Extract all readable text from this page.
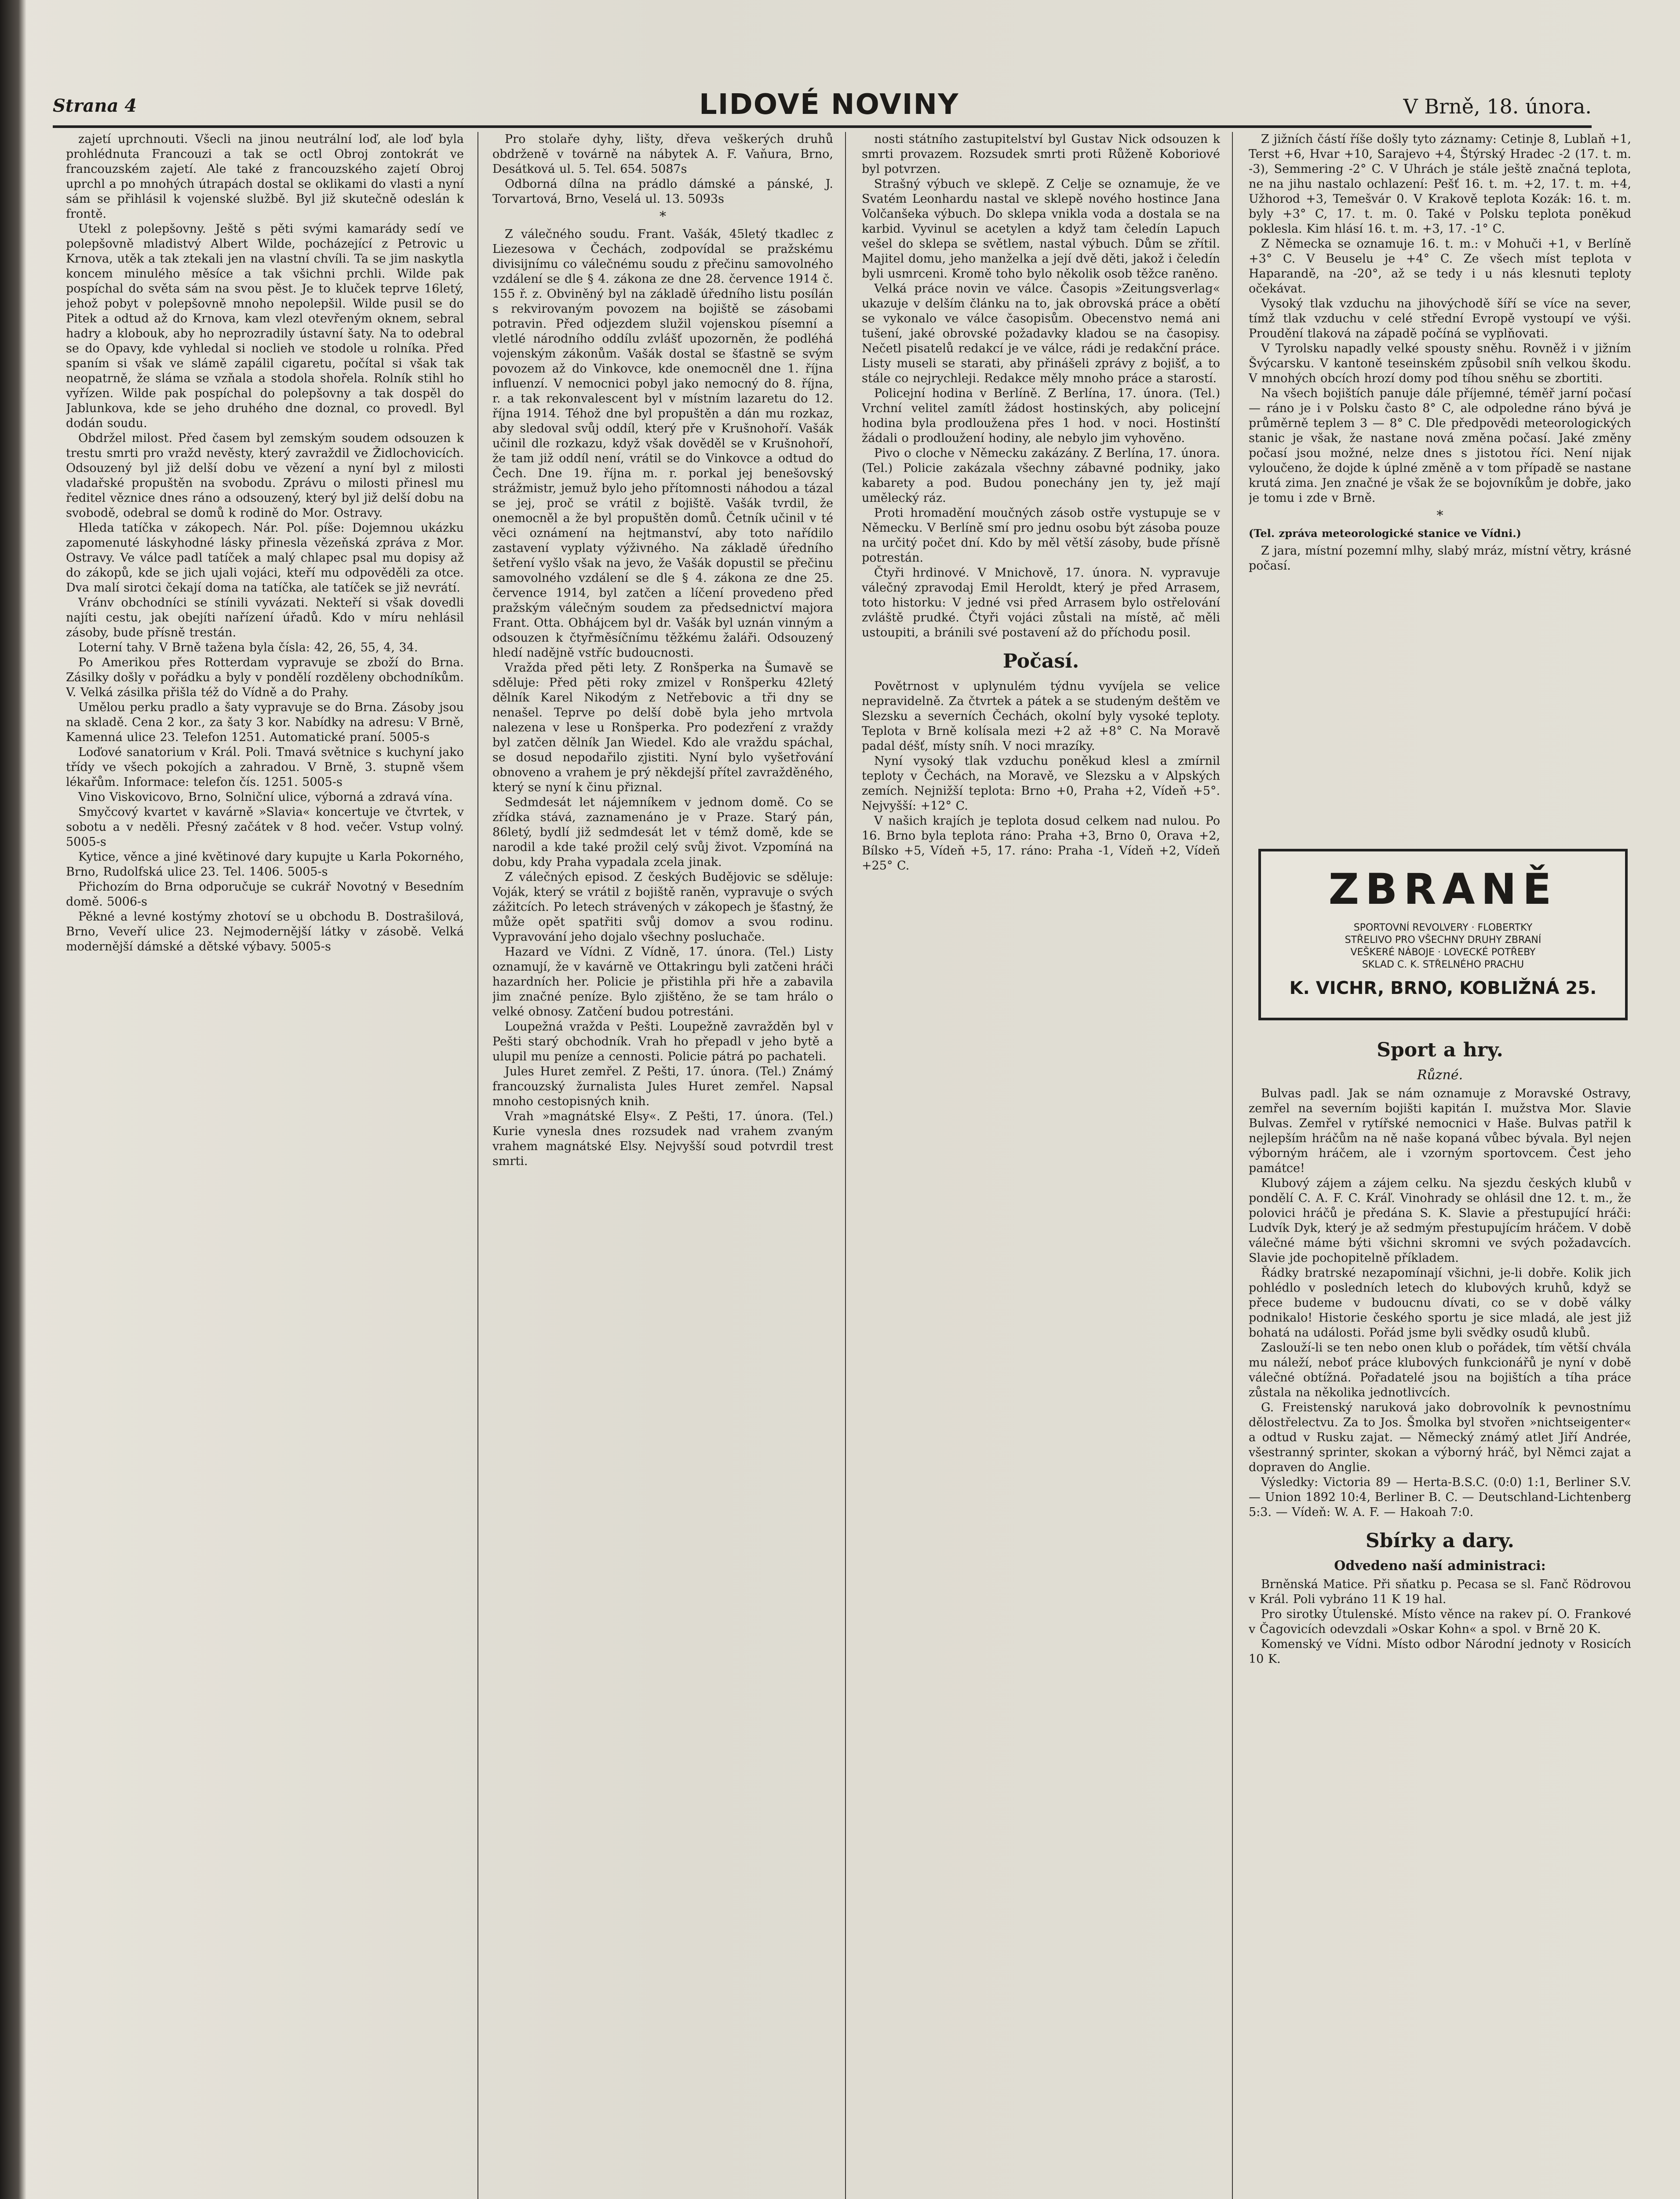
Strana 4	LIDOVÉ NOVINY	V Brně, 18. února.

zajetí uprchnouti. Všecli na jinou neutrální loď, ale loď byla prohlédnuta Francouzi a tak se octl Obroj zontokrát ve francouzském zajetí. Ale také z francouzského zajetí Obroj uprchl a po mnohých útrapách dostal se oklikami do vlasti a nyní sám se přihlásil k vojenské službě. Byl již skutečně odeslán k frontě.

Utekl z polepšovny. Ještě s pěti svými kamarády sedí ve polepšovně mladistvý Albert Wilde, pocházející z Petrovic u Krnova, utěk a tak ztekali jen na vlastní chvíli. Ta se jim naskytla koncem minulého měsíce a tak všichni prchli. Wilde pak pospíchal do světa sám na svou pěst. Je to kluček teprve 16letý, jehož pobyt v polepšovně mnoho nepolepšil. Wilde pusil se do Pitek a odtud až do Krnova, kam vlezl otevřeným oknem, sebral hadry a klobouk, aby ho neprozradily ústavní šaty. Na to odebral se do Opavy, kde vyhledal si noclieh ve stodole u rolníka. Před spaním si však ve slámě zapálil cigaretu, počítal si však tak neopatrně, že sláma se vzňala a stodola shořela. Rolník stihl ho vyřízen. Wilde pak pospíchal do polepšovny a tak dospěl do Jablunkova, kde se jeho druhého dne doznal, co provedl. Byl dodán soudu.

Obdržel milost. Před časem byl zemským soudem odsouzen k trestu smrti pro vražd nevěsty, který zavraždil ve Židlochovicích. Odsouzený byl již delší dobu ve vězení a nyní byl z milosti vladařské propuštěn na svobodu. Zprávu o milosti přinesl mu ředitel věznice dnes ráno a odsouzený, který byl již delší dobu na svobodě, odebral se domů k rodině do Mor. Ostravy.

Hleda tatíčka v zákopech. Nár. Pol. píše: Dojemnou ukázku zapomenuté láskyhodné lásky přinesla vězeňská zpráva z Mor. Ostravy. Ve válce padl tatíček a malý chlapec psal mu dopisy až do zákopů, kde se jich ujali vojáci, kteří mu odpověděli za otce. Dva malí sirotci čekají doma na tatíčka, ale tatíček se již nevrátí.

Vránv obchodníci se stínili vyvázati. Nekteří si však dovedli najíti cestu, jak obejíti nařízení úřadů. Kdo v míru nehlásil zásoby, bude přísně trestán.

Loterní tahy. V Brně tažena byla čísla: 42, 26, 55, 4, 34.

Po Amerikou přes Rotterdam vypravuje se zboží do Brna. Zásilky došly v pořádku a byly v pondělí rozděleny obchodníkům. V. Velká zásilka přišla též do Vídně a do Prahy.

Umělou perku pradlo a šaty vypravuje se do Brna. Zásoby jsou na skladě. Cena 2 kor., za šaty 3 kor. Nabídky na adresu: V Brně, Kamenná ulice 23. Telefon 1251. Automatické praní. 5005-s

Loďové sanatorium v Král. Poli. Tmavá světnice s kuchyní jako třídy ve všech pokojích a zahradou. V Brně, 3. stupně všem lékařům. Informace: telefon čís. 1251. 5005-s

Vino Viskovicovo, Brno, Solniční ulice, výborná a zdravá vína.

Smyčcový kvartet v kavárně »Slavia« koncertuje ve čtvrtek, v sobotu a v neděli. Přesný začátek v 8 hod. večer. Vstup volný. 5005-s

Kytice, věnce a jiné květinové dary kupujte u Karla Pokorného, Brno, Rudolfská ulice 23. Tel. 1406. 5005-s

Přichozím do Brna odporučuje se cukrář Novotný v Besedním domě. 5006-s

Pěkné a levné kostýmy zhotoví se u obchodu B. Dostrašilová, Brno, Veveří ulice 23. Nejmodernější látky v zásobě. Velká modernější dámské a dětské výbavy. 5005-s

Pro stolaře dyhy, lišty, dřeva veškerých druhů obdrženě v továrně na nábytek A. F. Vaňura, Brno, Desátková ul. 5. Tel. 654. 5087s

Odborná dílna na prádlo dámské a pánské, J. Torvartová, Brno, Veselá ul. 13. 5093s

*

Z válečného soudu. Frant. Vašák, 45letý tkadlec z Liezesowa v Čechách, zodpovídal se pražskému divisijnímu co válečnému soudu z přečinu samovolného vzdálení se dle § 4. zákona ze dne 28. července 1914 č. 155 ř. z. Obviněný byl na základě úředního listu posílán s rekvirovaným povozem na bojiště se zásobami potravin. Před odjezdem služil vojenskou písemní a vletlé národního oddílu zvlášť upozorněn, že podléhá vojenským zákonům. Vašák dostal se šťastně se svým povozem až do Vinkovce, kde onemocněl dne 1. října influenzí. V nemocnici pobyl jako nemocný do 8. října, r. a tak rekonvalescent byl v místním lazaretu do 12. října 1914. Téhož dne byl propuštěn a dán mu rozkaz, aby sledoval svůj oddíl, který pře v Krušnohoří. Vašák učinil dle rozkazu, když však dověděl se v Krušnohoří, že tam již oddíl není, vrátil se do Vinkovce a odtud do Čech. Dne 19. října m. r. porkal jej benešovský strážmistr, jemuž bylo jeho přítomnosti náhodou a tázal se jej, proč se vrátil z bojiště. Vašák tvrdil, že onemocněl a že byl propuštěn domů. Četník učinil v té věci oznámení na hejtmanství, aby toto nařídilo zastavení vyplaty výživného. Na základě úředního šetření vyšlo však na jevo, že Vašák dopustil se přečinu samovolného vzdálení se dle § 4. zákona ze dne 25. července 1914, byl zatčen a líčení provedeno před pražským válečným soudem za předsednictví majora Frant. Otta. Obhájcem byl dr. Vašák byl uznán vinným a odsouzen k čtyřměsíčnímu těžkému žaláři. Odsouzený hledí nadějně vstříc budoucnosti.

Vražda před pěti lety. Z Ronšperka na Šumavě se sděluje: Před pěti roky zmizel v Ronšperku 42letý dělník Karel Nikodým z Netřebovic a tři dny se nenašel. Teprve po delší době byla jeho mrtvola nalezena v lese u Ronšperka. Pro podezření z vraždy byl zatčen dělník Jan Wiedel. Kdo ale vraždu spáchal, se dosud nepodařilo zjistiti. Nyní bylo vyšetřování obnoveno a vrahem je prý někdejší přítel zavražděného, který se nyní k činu přiznal.

Sedmdesát let nájemníkem v jednom domě. Co se zřídka stává, zaznamenáno je v Praze. Starý pán, 86letý, bydlí již sedmdesát let v témž domě, kde se narodil a kde také prožil celý svůj život. Vzpomíná na dobu, kdy Praha vypadala zcela jinak.

Z válečných episod. Z českých Budějovic se sděluje: Voják, který se vrátil z bojiště raněn, vypravuje o svých zážitcích. Po letech strávených v zákopech je šťastný, že může opět spatřiti svůj domov a svou rodinu. Vypravování jeho dojalo všechny posluchače.

Hazard ve Vídni. Z Vídně, 17. února. (Tel.) Listy oznamují, že v kavárně ve Ottakringu byli zatčeni hráči hazardních her. Policie je přistihla při hře a zabavila jim značné peníze. Bylo zjištěno, že se tam hrálo o velké obnosy. Zatčení budou potrestáni.

Loupežná vražda v Pešti. Loupežně zavražděn byl v Pešti starý obchodník. Vrah ho přepadl v jeho bytě a ulupil mu peníze a cennosti. Policie pátrá po pachateli.

Jules Huret zemřel. Z Pešti, 17. února. (Tel.) Známý francouzský žurnalista Jules Huret zemřel. Napsal mnoho cestopisných knih.

Vrah »magnátské Elsy«. Z Pešti, 17. února. (Tel.) Kurie vynesla dnes rozsudek nad vrahem zvaným vrahem magnátské Elsy. Nejvyšší soud potvrdil trest smrti.

nosti státního zastupitelství byl Gustav Nick odsouzen k smrti provazem. Rozsudek smrti proti Růženě Koboriové byl potvrzen.

Strašný výbuch ve sklepě. Z Celje se oznamuje, že ve Svatém Leonhardu nastal ve sklepě nového hostince Jana Volčanšeka výbuch. Do sklepa vnikla voda a dostala se na karbid. Vyvinul se acetylen a když tam čeledín Lapuch vešel do sklepa se světlem, nastal výbuch. Dům se zřítil. Majitel domu, jeho manželka a její dvě děti, jakož i čeledín byli usmrceni. Kromě toho bylo několik osob těžce raněno.

Velká práce novin ve válce. Časopis »Zeitungsverlag« ukazuje v delším článku na to, jak obrovská práce a obětí se vykonalo ve válce časopisům. Obecenstvo nemá ani tušení, jaké obrovské požadavky kladou se na časopisy. Nečetl pisatelů redakcí je ve válce, rádi je redakční práce. Listy museli se starati, aby přinášeli zprávy z bojišť, a to stále co nejrychleji. Redakce měly mnoho práce a starostí.

Policejní hodina v Berlíně. Z Berlína, 17. února. (Tel.) Vrchní velitel zamítl žádost hostinských, aby policejní hodina byla prodloužena přes 1 hod. v noci. Hostinští žádali o prodloužení hodiny, ale nebylo jim vyhověno.

Pivo o cloche v Německu zakázány. Z Berlína, 17. února. (Tel.) Policie zakázala všechny zábavné podniky, jako kabarety a pod. Budou ponechány jen ty, jež mají umělecký ráz.

Proti hromadění moučných zásob ostře vystupuje se v Německu. V Berlíně smí pro jednu osobu být zásoba pouze na určitý počet dní. Kdo by měl větší zásoby, bude přísně potrestán.

Čtyři hrdinové. V Mnichově, 17. února. N. vypravuje válečný zpravodaj Emil Heroldt, který je před Arrasem, toto historku: V jedné vsi před Arrasem bylo ostřelování zvláště prudké. Čtyři vojáci zůstali na místě, ač měli ustoupiti, a bránili své postavení až do příchodu posil.

Počasí.

Povětrnost v uplynulém týdnu vyvíjela se velice nepravidelně. Za čtvrtek a pátek a se studeným deštěm ve Slezsku a severních Čechách, okolní byly vysoké teploty. Teplota v Brně kolísala mezi +2 až +8° C. Na Moravě padal déšť, místy sníh. V noci mrazíky.

Nyní vysoký tlak vzduchu poněkud klesl a zmírnil teploty v Čechách, na Moravě, ve Slezsku a v Alpských zemích. Nejnižší teplota: Brno +0, Praha +2, Vídeň +5°. Nejvyšší: +12° C.

V našich krajích je teplota dosud celkem nad nulou. Po 16. Brno byla teplota ráno: Praha +3, Brno 0, Orava +2, Bílsko +5, Vídeň +5, 17. ráno: Praha -1, Vídeň +2, Vídeň +25° C.

Z jižních částí říše došly tyto záznamy: Cetinje 8, Lublaň +1, Terst +6, Hvar +10, Sarajevo +4, Štýrský Hradec -2 (17. t. m. -3), Semmering -2° C. V Uhrách je stále ještě značná teplota, ne na jihu nastalo ochlazení: Pešť 16. t. m. +2, 17. t. m. +4, Užhorod +3, Temešvár 0. V Krakově teplota Kozák: 16. t. m. byly +3° C, 17. t. m. 0. Také v Polsku teplota poněkud poklesla. Kim hlásí 16. t. m. +3, 17. -1° C.

Z Německa se oznamuje 16. t. m.: v Mohuči +1, v Berlíně +3° C. V Beuselu je +4° C. Ze všech míst teplota v Haparandě, na -20°, až se tedy i u nás klesnuti teploty očekávat.

Vysoký tlak vzduchu na jihovýchodě šíří se více na sever, tímž tlak vzduchu v celé střední Evropě vystoupí ve výši. Proudění tlaková na západě počíná se vyplňovati.

V Tyrolsku napadly velké spousty sněhu. Rovněž i v jižním Švýcarsku. V kantoně teseinském způsobil sníh velkou škodu. V mnohých obcích hrozí domy pod tíhou sněhu se zbortiti.

Na všech bojištích panuje dále příjemné, téměř jarní počasí — ráno je i v Polsku často 8° C, ale odpoledne ráno bývá je průměrně teplem 3 — 8° C. Dle předpovědi meteorologických stanic je však, že nastane nová změna počasí. Jaké změny počasí jsou možné, nelze dnes s jistotou říci. Není nijak vyloučeno, že dojde k úplné změně a v tom případě se nastane krutá zima. Jen značné je však že se bojovníkům je dobře, jako je tomu i zde v Brně.

*

(Tel. zpráva meteorologické stanice ve Vídni.)

Z jara, místní pozemní mlhy, slabý mráz, místní větry, krásné počasí.

ZBRANĚ
SPORTOVNÍ REVOLVERY · FLOBERTKY
STŘELIVO PRO VŠECHNY DRUHY ZBRANÍ
VEŠKERÉ NÁBOJE · LOVECKÉ POTŘEBY
SKLAD C. K. STŘELNÉHO PRACHU
K. VICHR, BRNO, KOBLIŽNÁ 25.

Sport a hry.

Různé.

Bulvas padl. Jak se nám oznamuje z Moravské Ostravy, zemřel na severním bojišti kapitán I. mužstva Mor. Slavie Bulvas. Zemřel v rytířské nemocnici v Haše. Bulvas patřil k nejlepším hráčům na ně naše kopaná vůbec bývala. Byl nejen výborným hráčem, ale i vzorným sportovcem. Čest jeho památce!

Klubový zájem a zájem celku. Na sjezdu českých klubů v pondělí C. A. F. C. Kráľ. Vinohrady se ohlásil dne 12. t. m., že polovici hráčů je předána S. K. Slavie a přestupující hráči: Ludvík Dyk, který je až sedmým přestupujícím hráčem. V době válečné máme býti všichni skromni ve svých požadavcích. Slavie jde pochopitelně příkladem.

Řádky bratrské nezapomínají všichni, je-li dobře. Kolik jich pohlédlo v posledních letech do klubových kruhů, když se přece budeme v budoucnu dívati, co se v době války podnikalo! Historie českého sportu je sice mladá, ale jest již bohatá na události. Pořád jsme byli svědky osudů klubů.

Zaslouží-li se ten nebo onen klub o pořádek, tím větší chvála mu náleží, neboť práce klubových funkcionářů je nyní v době válečné obtížná. Pořadatelé jsou na bojištích a tíha práce zůstala na několika jednotlivcích.

G. Freistenský naruková jako dobrovolník k pevnostnímu dělostřelectvu. Za to Jos. Šmolka byl stvořen »nichtseigenter« a odtud v Rusku zajat. — Německý známý atlet Jiří Andrée, všestranný sprinter, skokan a výborný hráč, byl Němci zajat a dopraven do Anglie.

Výsledky: Victoria 89 — Herta-B.S.C. (0:0) 1:1, Berliner S.V. — Union 1892 10:4, Berliner B. C. — Deutschland-Lichtenberg 5:3. — Vídeň: W. A. F. — Hakoah 7:0.

Sbírky a dary.

Odvedeno naší administraci:

Brněnská Matice. Při sňatku p. Pecasa se sl. Fanč Rödrovou v Král. Poli vybráno 11 K 19 hal.

Pro sirotky Útulenské. Místo věnce na rakev pí. O. Frankové v Čagovicích odevzdali »Oskar Kohn« a spol. v Brně 20 K.

Komenský ve Vídni. Místo odbor Národní jednoty v Rosicích 10 K.
